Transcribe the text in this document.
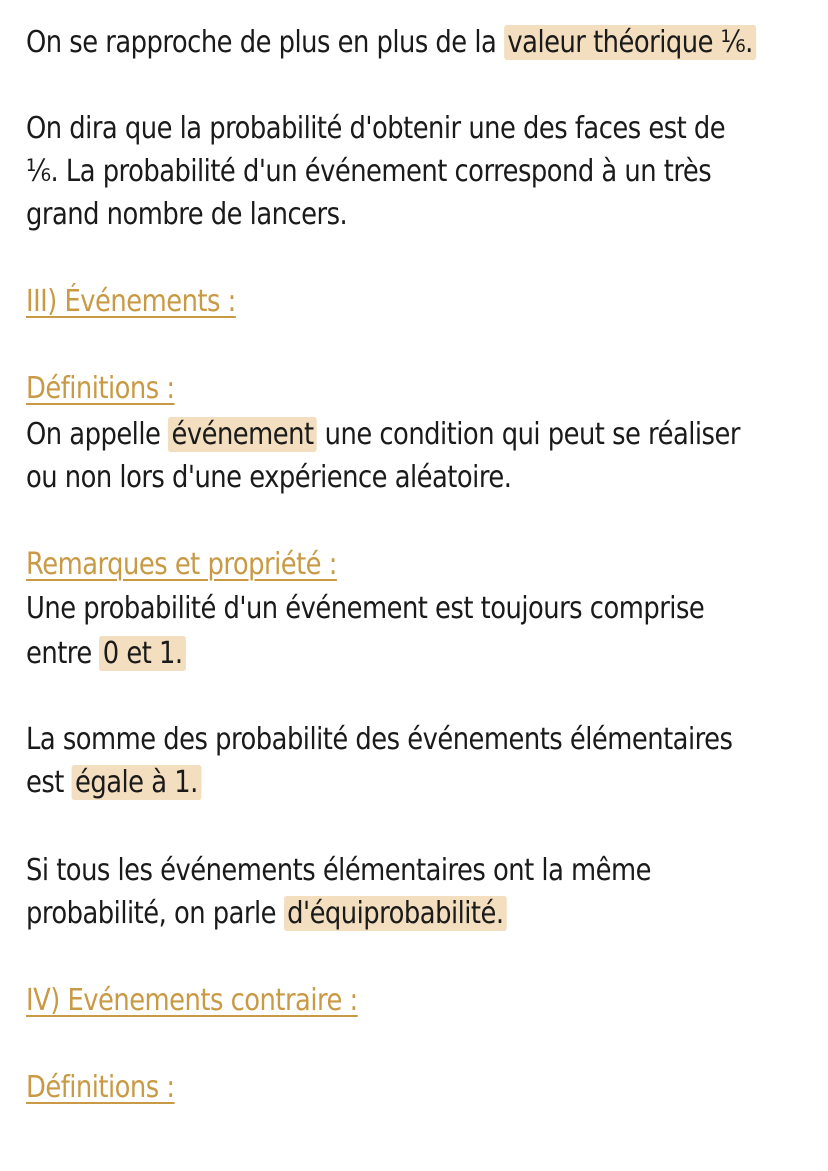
On se rapproche de plus en plus de la valeur théorique ⅙.
On dira que la probabilité d'obtenir une des faces est de
⅙. La probabilité d'un événement correspond à un très
grand nombre de lancers.
III) Événements :
Définitions :
On appelle événement une condition qui peut se réaliser
ou non lors d'une expérience aléatoire.
Remarques et propriété :
Une probabilité d'un événement est toujours comprise
entre 0 et 1.
La somme des probabilité des événements élémentaires
est égale à 1.
Si tous les événements élémentaires ont la même
probabilité, on parle d'équiprobabilité.
IV) Evénements contraire :
Définitions :
